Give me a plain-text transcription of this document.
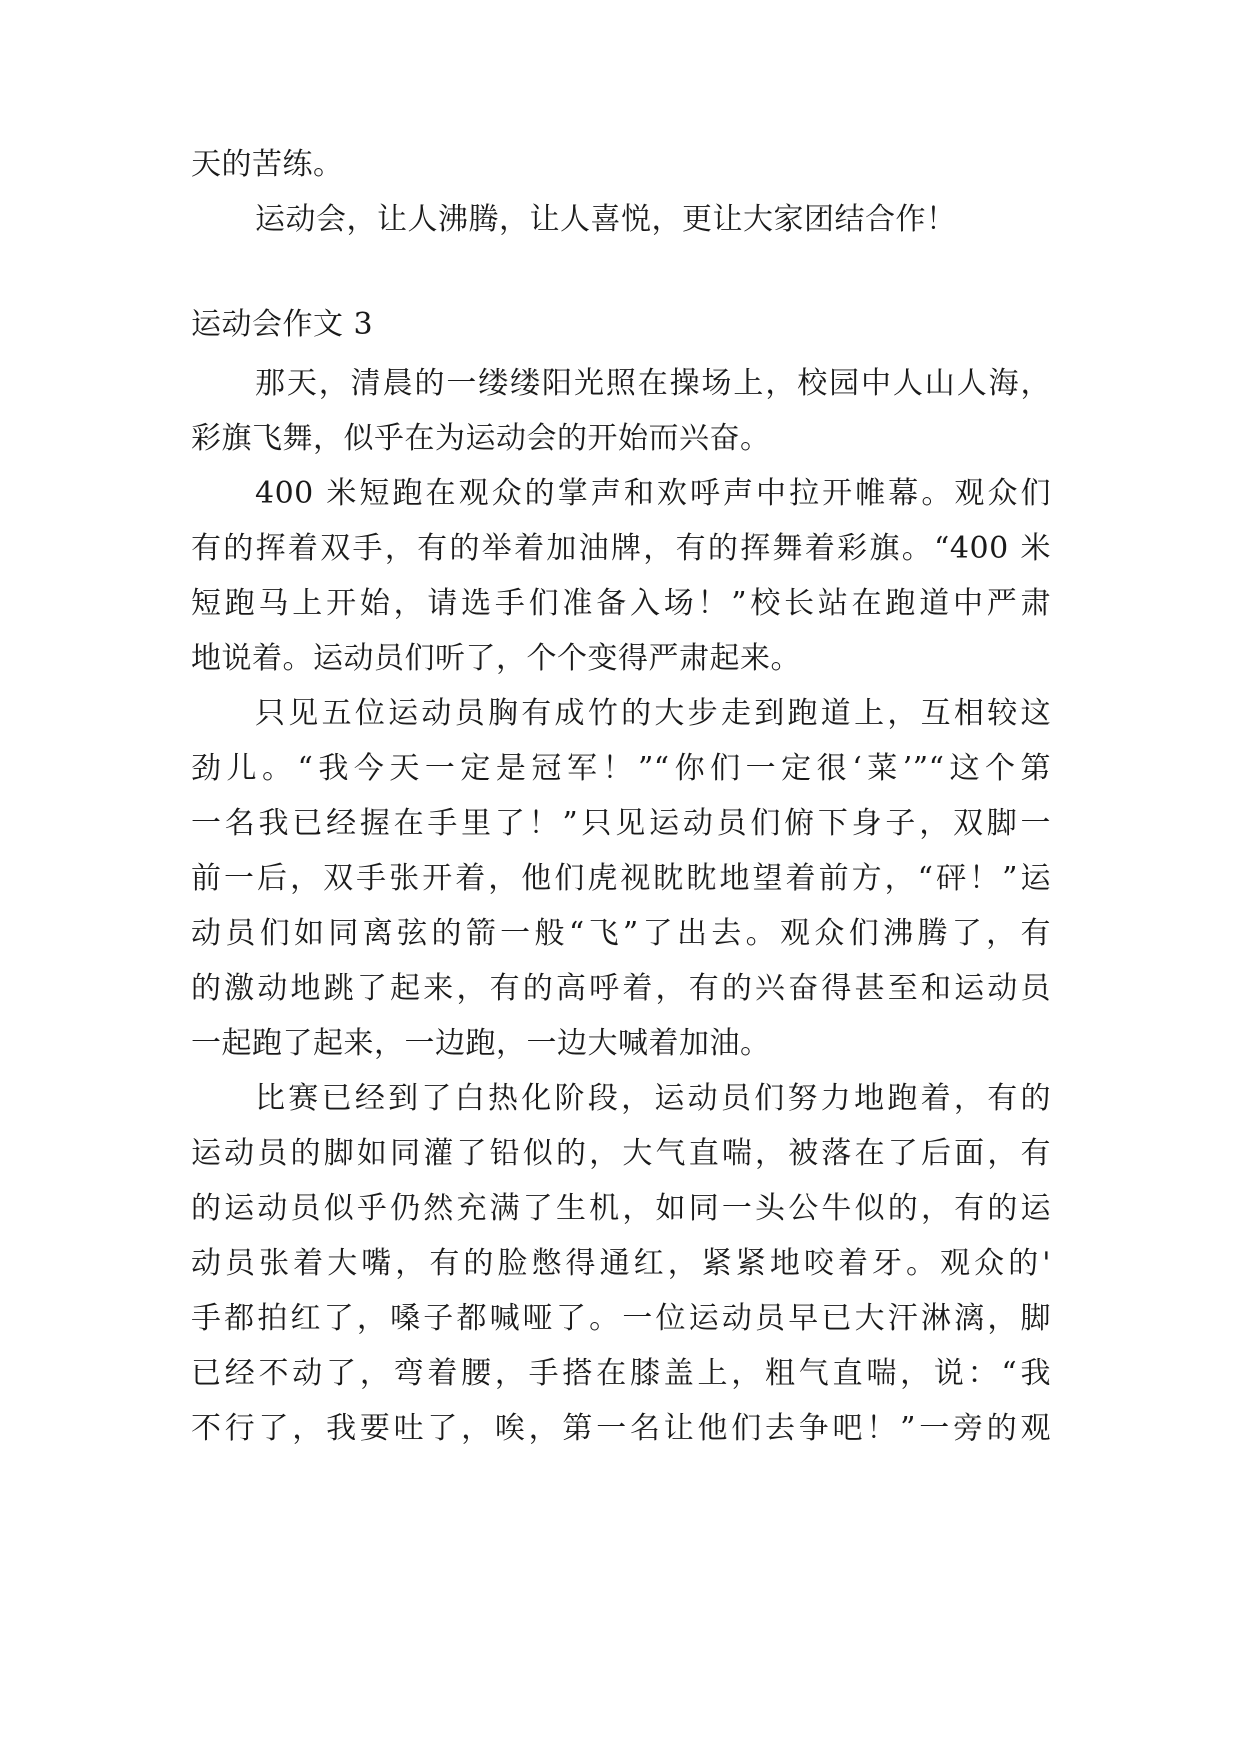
天的苦练。
运动会，让人沸腾，让人喜悦，更让大家团结合作！
运动会作文 3
那天，清晨的一缕缕阳光照在操场上，校园中人山人海，
彩旗飞舞，似乎在为运动会的开始而兴奋。
400 米短跑在观众的掌声和欢呼声中拉开帷幕。观众们
有的挥着双手，有的举着加油牌，有的挥舞着彩旗。“400 米
短跑马上开始，请选手们准备入场！”校长站在跑道中严肃
地说着。运动员们听了，个个变得严肃起来。
只见五位运动员胸有成竹的大步走到跑道上，互相较这
劲儿。“我今天一定是冠军！”“你们一定很‘菜’”“这个第
一名我已经握在手里了！”只见运动员们俯下身子，双脚一
前一后，双手张开着，他们虎视眈眈地望着前方，“砰！”运
动员们如同离弦的箭一般“飞”了出去。观众们沸腾了，有
的激动地跳了起来，有的高呼着，有的兴奋得甚至和运动员
一起跑了起来，一边跑，一边大喊着加油。
比赛已经到了白热化阶段，运动员们努力地跑着，有的
运动员的脚如同灌了铅似的，大气直喘，被落在了后面，有
的运动员似乎仍然充满了生机，如同一头公牛似的，有的运
动员张着大嘴，有的脸憋得通红，紧紧地咬着牙。观众的'
手都拍红了，嗓子都喊哑了。一位运动员早已大汗淋漓，脚
已经不动了，弯着腰，手搭在膝盖上，粗气直喘，说：“我
不行了，我要吐了，唉，第一名让他们去争吧！”一旁的观
